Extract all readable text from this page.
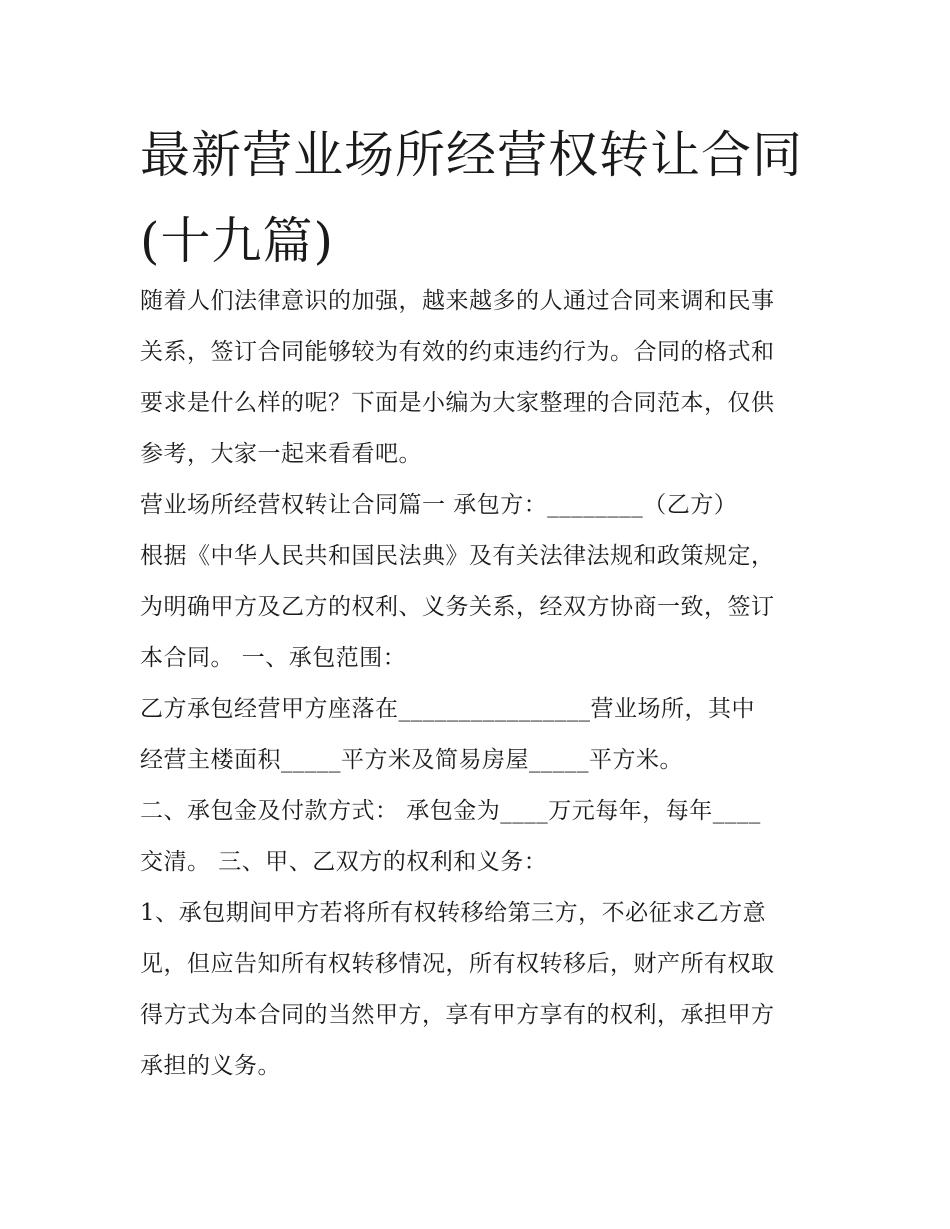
最新营业场所经营权转让合同
(十九篇)
随着人们法律意识的加强，越来越多的人通过合同来调和民事
关系，签订合同能够较为有效的约束违约行为。合同的格式和
要求是什么样的呢？下面是小编为大家整理的合同范本，仅供
参考，大家一起来看看吧。
营业场所经营权转让合同篇一 承包方：________（乙方）
根据《中华人民共和国民法典》及有关法律法规和政策规定，
为明确甲方及乙方的权利、义务关系，经双方协商一致，签订
本合同。 一、承包范围：
乙方承包经营甲方座落在________________营业场所，其中
经营主楼面积_____平方米及简易房屋_____平方米。
二、承包金及付款方式： 承包金为____万元每年，每年____
交清。 三、甲、乙双方的权利和义务：
1、承包期间甲方若将所有权转移给第三方，不必征求乙方意
见，但应告知所有权转移情况，所有权转移后，财产所有权取
得方式为本合同的当然甲方，享有甲方享有的权利，承担甲方
承担的义务。
